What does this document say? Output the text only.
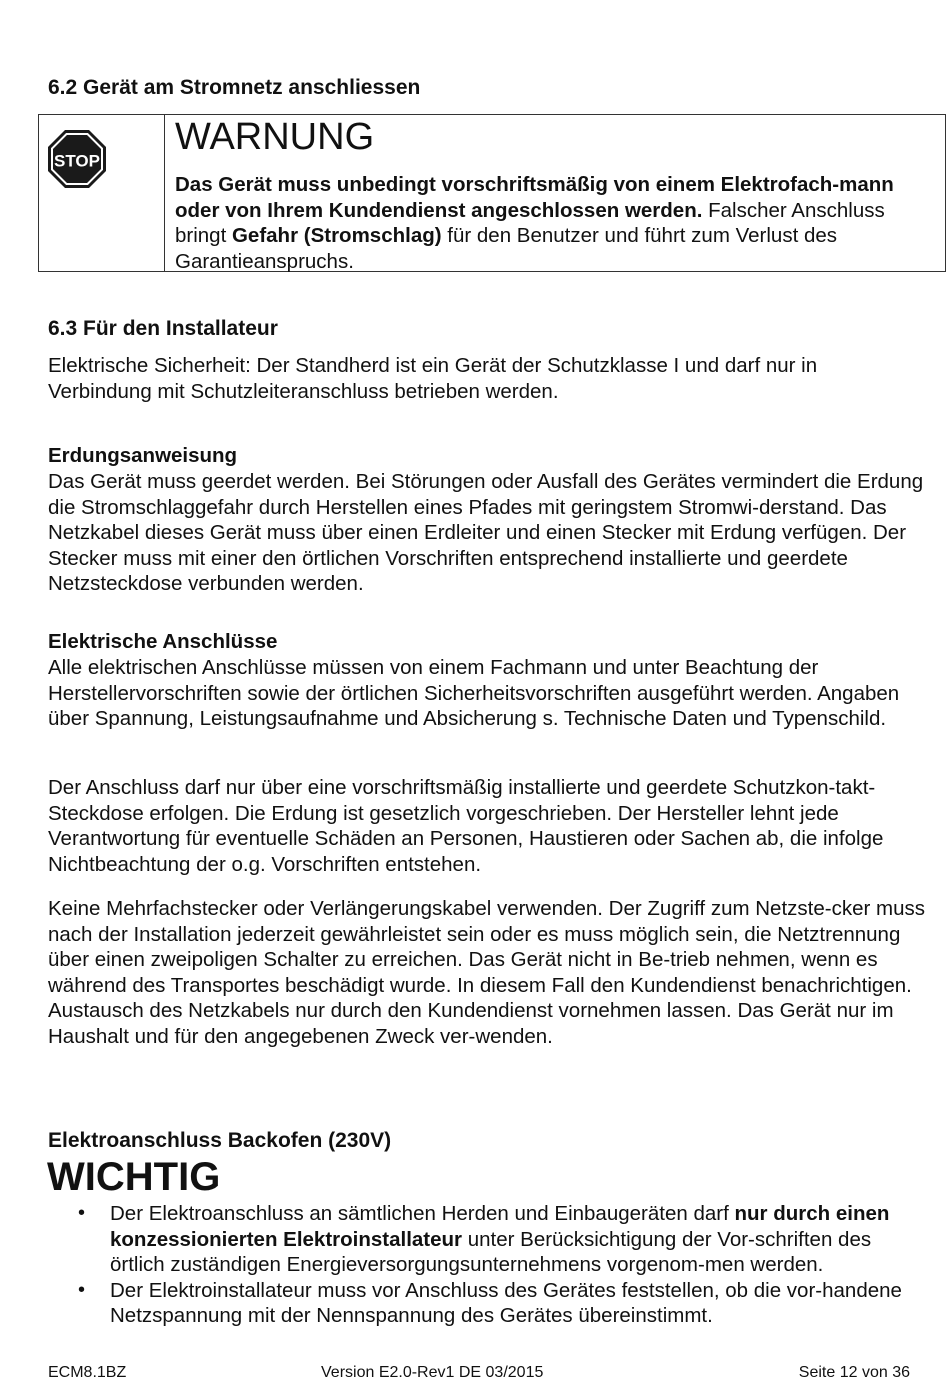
6.2 Gerät am Stromnetz anschliessen
STOP
WARNUNG
Das Gerät muss unbedingt vorschriftsmäßig von einem Elektrofach-mann oder von Ihrem Kundendienst angeschlossen werden. Falscher Anschluss bringt Gefahr (Stromschlag) für den Benutzer und führt zum Verlust des Garantieanspruchs.
6.3 Für den Installateur
Elektrische Sicherheit: Der Standherd ist ein Gerät der Schutzklasse I und darf nur in Verbindung mit Schutzleiteranschluss betrieben werden.
Erdungsanweisung
Das Gerät muss geerdet werden. Bei Störungen oder Ausfall des Gerätes vermindert die Erdung die Stromschlaggefahr durch Herstellen eines Pfades mit geringstem Stromwi-derstand. Das Netzkabel dieses Gerät muss über einen Erdleiter und einen Stecker mit Erdung verfügen. Der Stecker muss mit einer den örtlichen Vorschriften entsprechend installierte und geerdete Netzsteckdose verbunden werden.
Elektrische Anschlüsse
Alle elektrischen Anschlüsse müssen von einem Fachmann und unter Beachtung der Herstellervorschriften sowie der örtlichen Sicherheitsvorschriften ausgeführt werden. Angaben über Spannung, Leistungsaufnahme und Absicherung s. Technische Daten und Typenschild.
Der Anschluss darf nur über eine vorschriftsmäßig installierte und geerdete Schutzkon-takt-Steckdose erfolgen. Die Erdung ist gesetzlich vorgeschrieben. Der Hersteller lehnt jede Verantwortung für eventuelle Schäden an Personen, Haustieren oder Sachen ab, die infolge Nichtbeachtung der o.g. Vorschriften entstehen.
Keine Mehrfachstecker oder Verlängerungskabel verwenden. Der Zugriff zum Netzste-cker muss nach der Installation jederzeit gewährleistet sein oder es muss möglich sein, die Netztrennung über einen zweipoligen Schalter zu erreichen. Das Gerät nicht in Be-trieb nehmen, wenn es während des Transportes beschädigt wurde. In diesem Fall den Kundendienst benachrichtigen. Austausch des Netzkabels nur durch den Kundendienst vornehmen lassen. Das Gerät nur im Haushalt und für den angegebenen Zweck ver-wenden.
Elektroanschluss Backofen (230V)
WICHTIG
• Der Elektroanschluss an sämtlichen Herden und Einbaugeräten darf nur durch einen konzessionierten Elektroinstallateur unter Berücksichtigung der Vor-schriften des örtlich zuständigen Energieversorgungsunternehmens vorgenom-men werden.
• Der Elektroinstallateur muss vor Anschluss des Gerätes feststellen, ob die vor-handene Netzspannung mit der Nennspannung des Gerätes übereinstimmt.
ECM8.1BZ	Version E2.0-Rev1 DE 03/2015	Seite 12 von 36
